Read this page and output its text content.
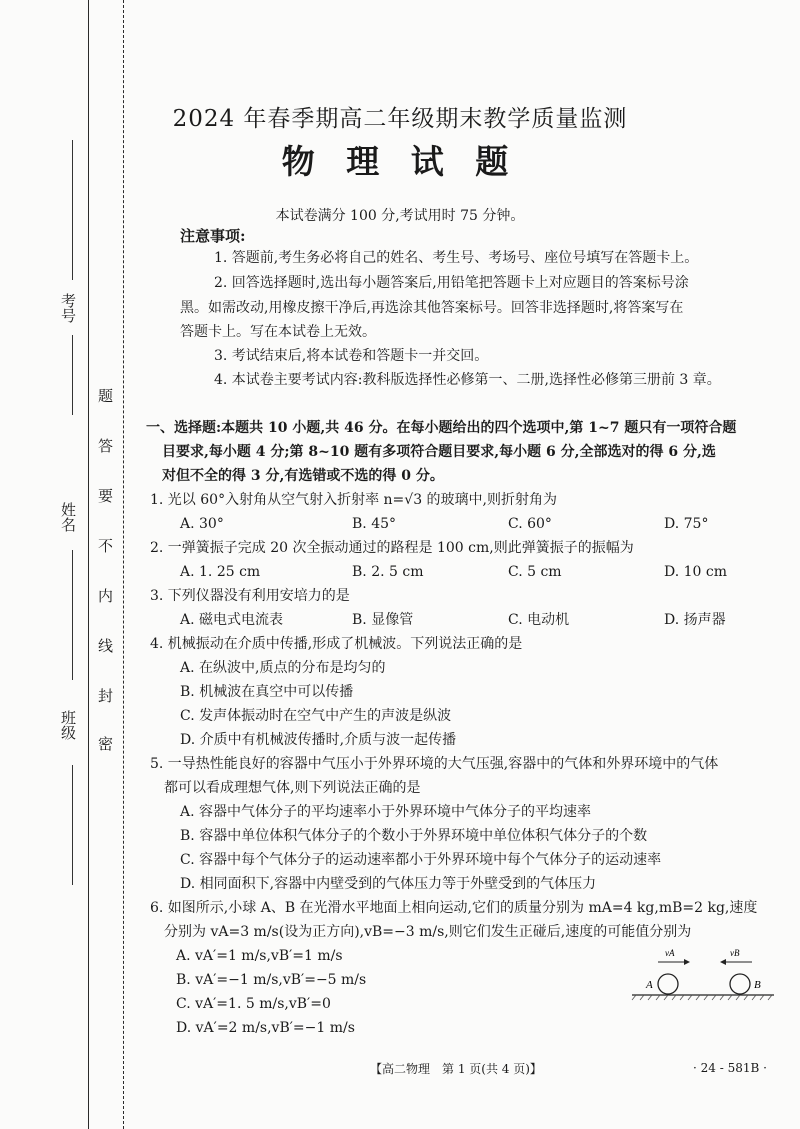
考号
姓名
班级
密
封
线
内
不
要
答
题
2024 年春季期高二年级期末教学质量监测
物 理 试 题
本试卷满分 100 分,考试用时 75 分钟。
注意事项:
1. 答题前,考生务必将自己的姓名、考生号、考场号、座位号填写在答题卡上。
2. 回答选择题时,选出每小题答案后,用铅笔把答题卡上对应题目的答案标号涂
黑。如需改动,用橡皮擦干净后,再选涂其他答案标号。回答非选择题时,将答案写在
答题卡上。写在本试卷上无效。
3. 考试结束后,将本试卷和答题卡一并交回。
4. 本试卷主要考试内容:教科版选择性必修第一、二册,选择性必修第三册前 3 章。
一、选择题:本题共 10 小题,共 46 分。在每小题给出的四个选项中,第 1~7 题只有一项符合题
目要求,每小题 4 分;第 8~10 题有多项符合题目要求,每小题 6 分,全部选对的得 6 分,选
对但不全的得 3 分,有选错或不选的得 0 分。
1. 光以 60°入射角从空气射入折射率 n=√3 的玻璃中,则折射角为
A. 30°	B. 45°	C. 60°	D. 75°
2. 一弹簧振子完成 20 次全振动通过的路程是 100 cm,则此弹簧振子的振幅为
A. 1. 25 cm	B. 2. 5 cm	C. 5 cm	D. 10 cm
3. 下列仪器没有利用安培力的是
A. 磁电式电流表	B. 显像管	C. 电动机	D. 扬声器
4. 机械振动在介质中传播,形成了机械波。下列说法正确的是
A. 在纵波中,质点的分布是均匀的
B. 机械波在真空中可以传播
C. 发声体振动时在空气中产生的声波是纵波
D. 介质中有机械波传播时,介质与波一起传播
5. 一导热性能良好的容器中气压小于外界环境的大气压强,容器中的气体和外界环境中的气体
都可以看成理想气体,则下列说法正确的是
A. 容器中气体分子的平均速率小于外界环境中气体分子的平均速率
B. 容器中单位体积气体分子的个数小于外界环境中单位体积气体分子的个数
C. 容器中每个气体分子的运动速率都小于外界环境中每个气体分子的运动速率
D. 相同面积下,容器中内壁受到的气体压力等于外壁受到的气体压力
6. 如图所示,小球 A、B 在光滑水平地面上相向运动,它们的质量分别为 mA=4 kg,mB=2 kg,速度
分别为 vA=3 m/s(设为正方向),vB=−3 m/s,则它们发生正碰后,速度的可能值分别为
A. vA′=1 m/s,vB′=1 m/s
B. vA′=−1 m/s,vB′=−5 m/s
C. vA′=1. 5 m/s,vB′=0
D. vA′=2 m/s,vB′=−1 m/s
vA	vB
A	B
【高二物理　第 1 页(共 4 页)】	· 24 - 581B ·
